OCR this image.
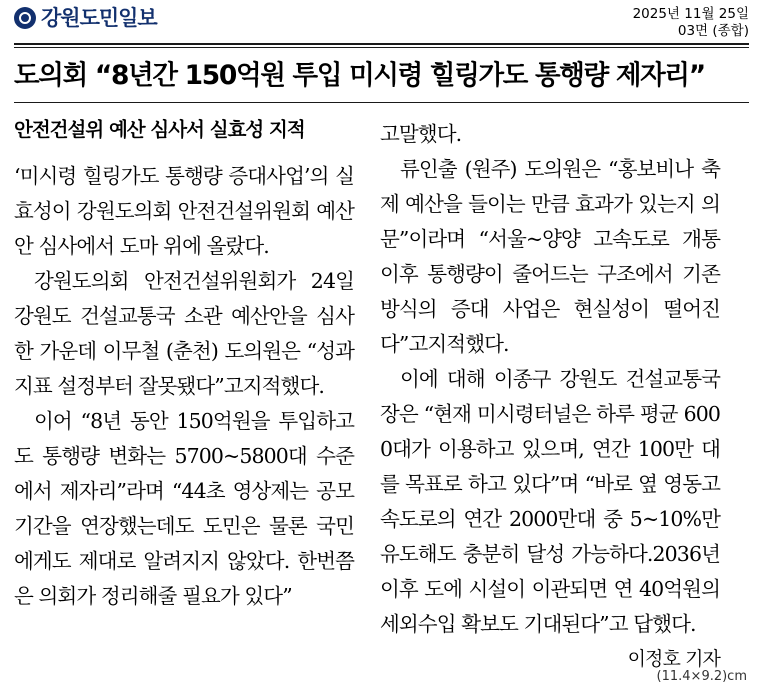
강원도민일보	2025년 11월 25일
03면 (종합)
도의회 “8년간 150억원 투입 미시령 힐링가도 통행량 제자리”
안전건설위 예산 심사서 실효성 지적

‘미시령 힐링가도 통행량 증대사업’의 실효성이 강원도의회 안전건설위원회 예산안 심사에서 도마 위에 올랐다.

강원도의회 안전건설위원회가 24일 강원도 건설교통국 소관 예산안을 심사한 가운데 이무철 (춘천) 도의원은 “성과지표 설정부터 잘못됐다”고지적했다.

이어 “8년 동안 150억원을 투입하고도 통행량 변화는 5700~5800대 수준에서 제자리”라며 “44초 영상제는 공모 기간을 연장했는데도 도민은 물론 국민에게도 제대로 알려지지 않았다. 한번쯤은 의회가 정리해줄 필요가 있다”

고말했다.

류인출 (원주) 도의원은 “홍보비나 축제 예산을 들이는 만큼 효과가 있는지 의문”이라며 “서울~양양 고속도로 개통 이후 통행량이 줄어드는 구조에서 기존 방식의 증대 사업은 현실성이 떨어진다”고지적했다.

이에 대해 이종구 강원도 건설교통국장은 “현재 미시령터널은 하루 평균 6000대가 이용하고 있으며, 연간 100만 대를 목표로 하고 있다”며 “바로 옆 영동고속도로의 연간 2000만대 중 5~10%만 유도해도 충분히 달성 가능하다.2036년 이후 도에 시설이 이관되면 연 40억원의 세외수입 확보도 기대된다”고 답했다.

이정호 기자
(11.4×9.2)cm
